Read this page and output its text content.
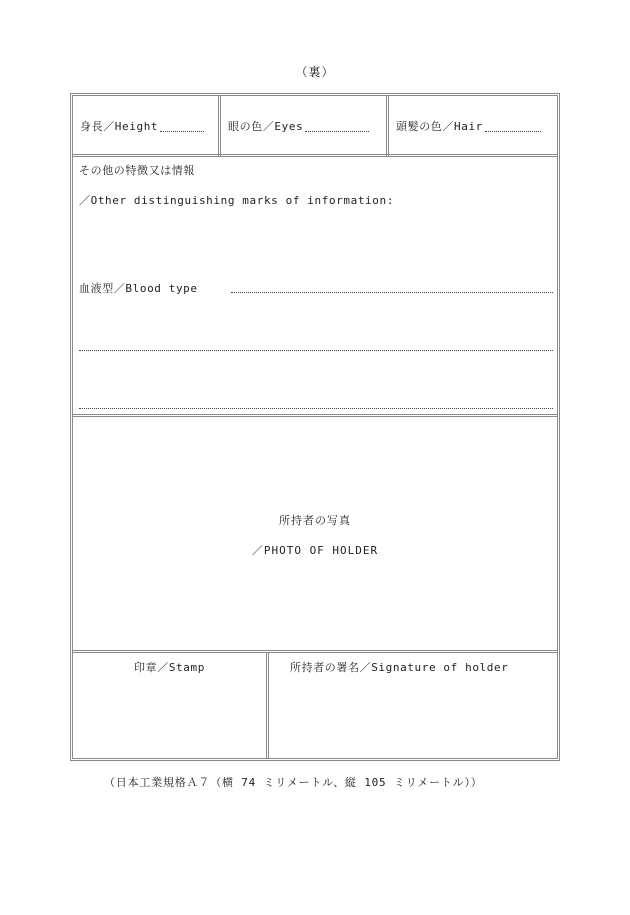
（裏）
身長／Height	眼の色／Eyes	頭髪の色／Hair
その他の特徴又は情報
／Other distinguishing marks of information:
血液型／Blood type
所持者の写真
／PHOTO OF HOLDER
印章／Stamp	所持者の署名／Signature of holder
（日本工業規格Ａ７（横 74 ミリメートル、縦 105 ミリメートル））
